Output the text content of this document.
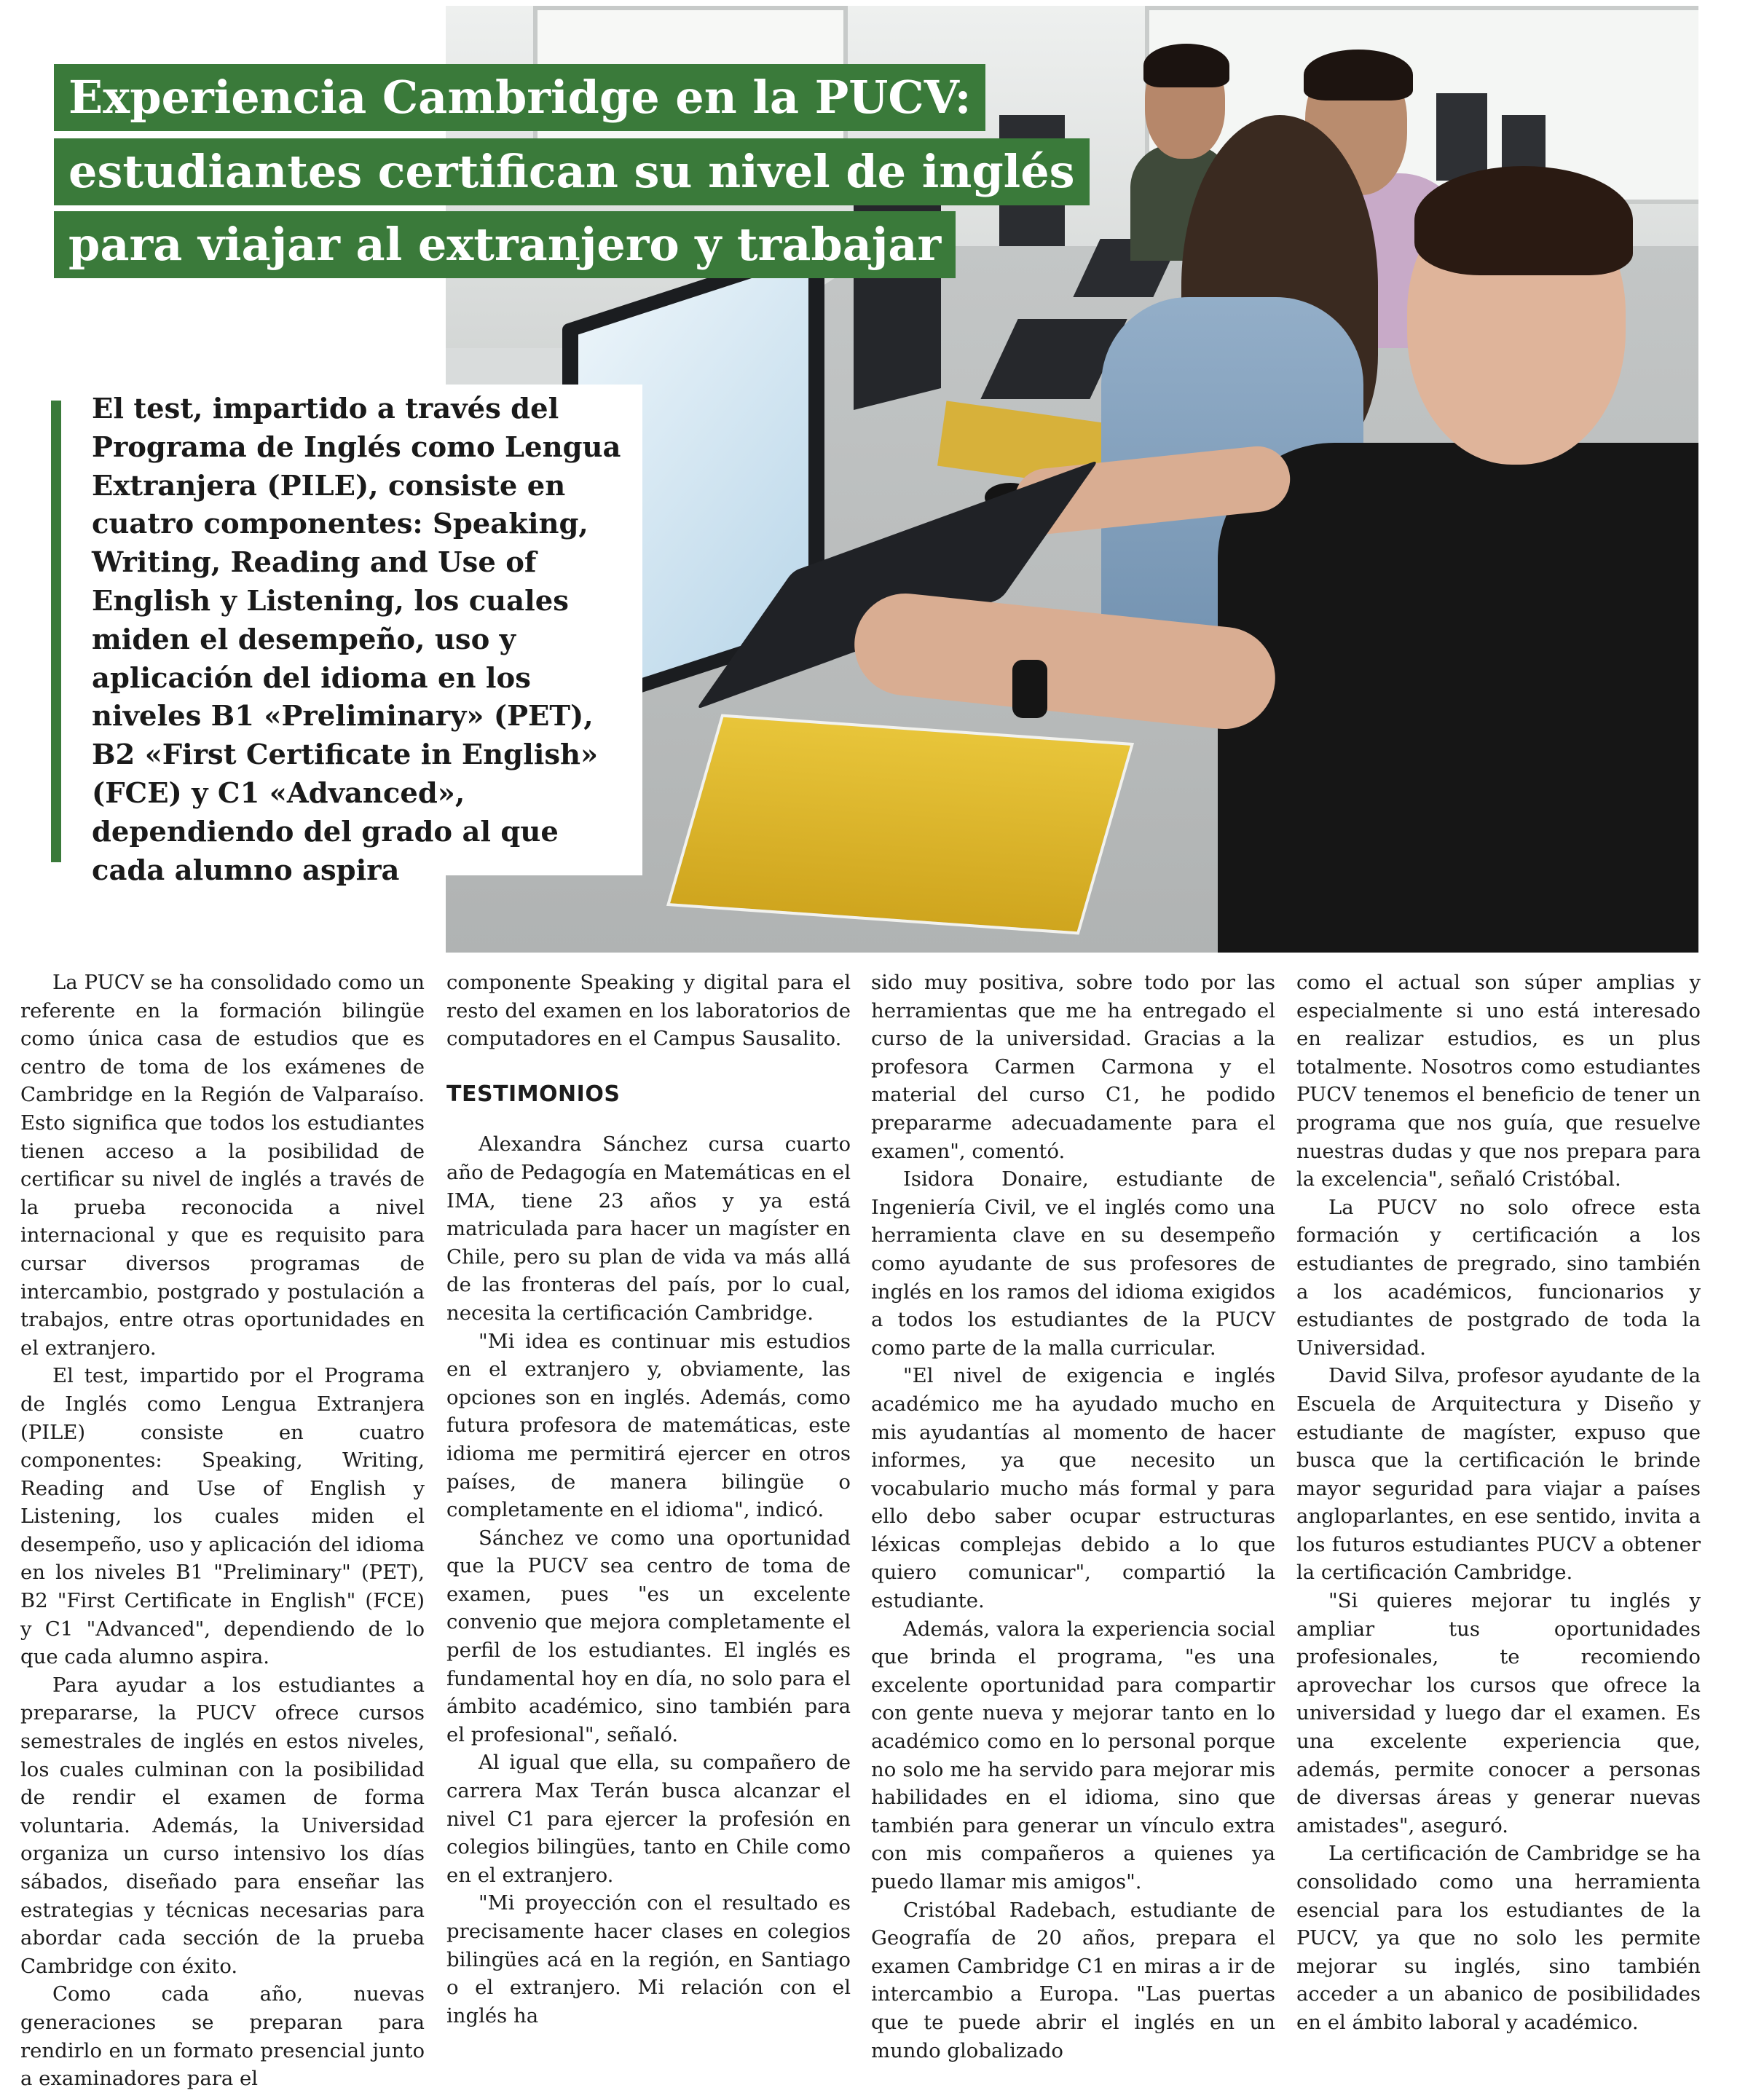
Experiencia Cambridge en la PUCV:
estudiantes certifican su nivel de inglés
para viajar al extranjero y trabajar

El test, impartido a través del Programa de Inglés como Lengua Extranjera (PILE), consiste en cuatro componentes: Speaking, Writing, Reading and Use of English y Listening, los cuales miden el desempeño, uso y aplicación del idioma en los niveles B1 «Preliminary» (PET), B2 «First Certificate in English» (FCE) y C1 «Advanced», dependiendo del grado al que cada alumno aspira

La PUCV se ha consolidado como un referente en la formación bilingüe como única casa de estudios que es centro de toma de los exámenes de Cambridge en la Región de Valparaíso. Esto significa que todos los estudiantes tienen acceso a la posibilidad de certificar su nivel de inglés a través de la prueba reconocida a nivel internacional y que es requisito para cursar diversos programas de intercambio, postgrado y postulación a trabajos, entre otras oportunidades en el extranjero.

El test, impartido por el Programa de Inglés como Lengua Extranjera (PILE) consiste en cuatro componentes: Speaking, Writing, Reading and Use of English y Listening, los cuales miden el desempeño, uso y aplicación del idioma en los niveles B1 "Preliminary" (PET), B2 "First Certificate in English" (FCE) y C1 "Advanced", dependiendo de lo que cada alumno aspira.

Para ayudar a los estudiantes a prepararse, la PUCV ofrece cursos semestrales de inglés en estos niveles, los cuales culminan con la posibilidad de rendir el examen de forma voluntaria. Además, la Universidad organiza un curso intensivo los días sábados, diseñado para enseñar las estrategias y técnicas necesarias para abordar cada sección de la prueba Cambridge con éxito.

Como cada año, nuevas generaciones se preparan para rendirlo en un formato presencial junto a examinadores para el

componente Speaking y digital para el resto del examen en los laboratorios de computadores en el Campus Sausalito.

TESTIMONIOS

Alexandra Sánchez cursa cuarto año de Pedagogía en Matemáticas en el IMA, tiene 23 años y ya está matriculada para hacer un magíster en Chile, pero su plan de vida va más allá de las fronteras del país, por lo cual, necesita la certificación Cambridge.

"Mi idea es continuar mis estudios en el extranjero y, obviamente, las opciones son en inglés. Además, como futura profesora de matemáticas, este idioma me permitirá ejercer en otros países, de manera bilingüe o completamente en el idioma", indicó.

Sánchez ve como una oportunidad que la PUCV sea centro de toma de examen, pues "es un excelente convenio que mejora completamente el perfil de los estudiantes. El inglés es fundamental hoy en día, no solo para el ámbito académico, sino también para el profesional", señaló.

Al igual que ella, su compañero de carrera Max Terán busca alcanzar el nivel C1 para ejercer la profesión en colegios bilingües, tanto en Chile como en el extranjero.

"Mi proyección con el resultado es precisamente hacer clases en colegios bilingües acá en la región, en Santiago o el extranjero. Mi relación con el inglés ha

sido muy positiva, sobre todo por las herramientas que me ha entregado el curso de la universidad. Gracias a la profesora Carmen Carmona y el material del curso C1, he podido prepararme adecuadamente para el examen", comentó.

Isidora Donaire, estudiante de Ingeniería Civil, ve el inglés como una herramienta clave en su desempeño como ayudante de sus profesores de inglés en los ramos del idioma exigidos a todos los estudiantes de la PUCV como parte de la malla curricular.

"El nivel de exigencia e inglés académico me ha ayudado mucho en mis ayudantías al momento de hacer informes, ya que necesito un vocabulario mucho más formal y para ello debo saber ocupar estructuras léxicas complejas debido a lo que quiero comunicar", compartió la estudiante.

Además, valora la experiencia social que brinda el programa, "es una excelente oportunidad para compartir con gente nueva y mejorar tanto en lo académico como en lo personal porque no solo me ha servido para mejorar mis habilidades en el idioma, sino que también para generar un vínculo extra con mis compañeros a quienes ya puedo llamar mis amigos".

Cristóbal Radebach, estudiante de Geografía de 20 años, prepara el examen Cambridge C1 en miras a ir de intercambio a Europa. "Las puertas que te puede abrir el inglés en un mundo globalizado

como el actual son súper amplias y especialmente si uno está interesado en realizar estudios, es un plus totalmente. Nosotros como estudiantes PUCV tenemos el beneficio de tener un programa que nos guía, que resuelve nuestras dudas y que nos prepara para la excelencia", señaló Cristóbal.

La PUCV no solo ofrece esta formación y certificación a los estudiantes de pregrado, sino también a los académicos, funcionarios y estudiantes de postgrado de toda la Universidad.

David Silva, profesor ayudante de la Escuela de Arquitectura y Diseño y estudiante de magíster, expuso que busca que la certificación le brinde mayor seguridad para viajar a países angloparlantes, en ese sentido, invita a los futuros estudiantes PUCV a obtener la certificación Cambridge.

"Si quieres mejorar tu inglés y ampliar tus oportunidades profesionales, te recomiendo aprovechar los cursos que ofrece la universidad y luego dar el examen. Es una excelente experiencia que, además, permite conocer a personas de diversas áreas y generar nuevas amistades", aseguró.

La certificación de Cambridge se ha consolidado como una herramienta esencial para los estudiantes de la PUCV, ya que no solo les permite mejorar su inglés, sino también acceder a un abanico de posibilidades en el ámbito laboral y académico.
